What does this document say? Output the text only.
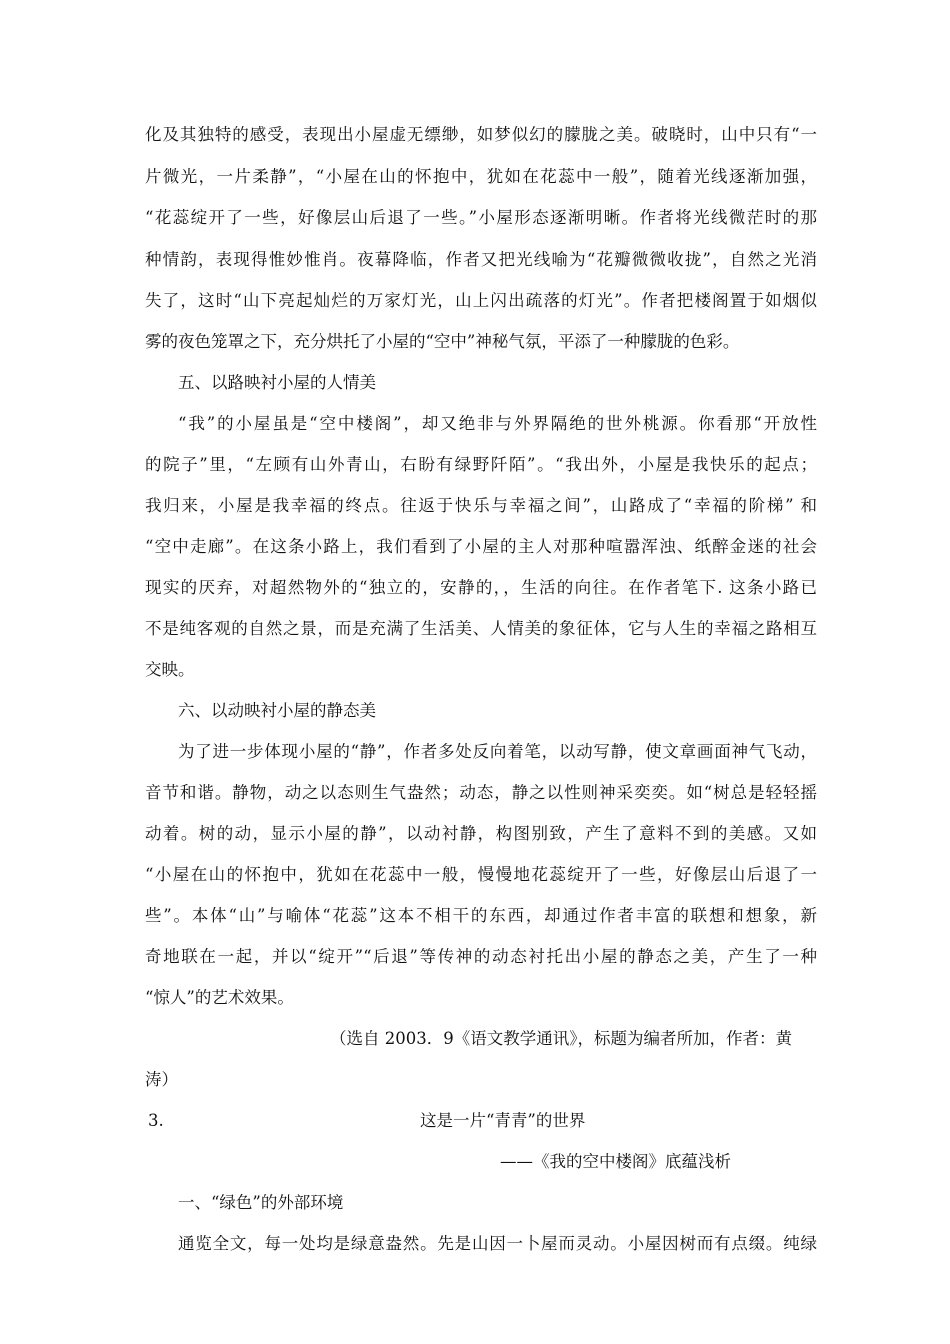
化及其独特的感受，表现出小屋虚无缥缈，如梦似幻的朦胧之美。破晓时，山中只有“一
片微光，一片柔静”，“小屋在山的怀抱中，犹如在花蕊中一般”，随着光线逐渐加强，
“花蕊绽开了一些，好像层山后退了一些。”小屋形态逐渐明晰。作者将光线微茫时的那
种情韵，表现得惟妙惟肖。夜幕降临，作者又把光线喻为“花瓣微微收拢”，自然之光消
失了，这时“山下亮起灿烂的万家灯光，山上闪出疏落的灯光”。作者把楼阁置于如烟似
雾的夜色笼罩之下，充分烘托了小屋的“空中”神秘气氛，平添了一种朦胧的色彩。
五、以路映衬小屋的人情美
“我”的小屋虽是“空中楼阁”，却又绝非与外界隔绝的世外桃源。你看那“开放性
的院子”里，“左顾有山外青山，右盼有绿野阡陌”。“我出外，小屋是我快乐的起点；
我归来，小屋是我幸福的终点。往返于快乐与幸福之间”，山路成了“幸福的阶梯” 和
“空中走廊”。在这条小路上，我们看到了小屋的主人对那种喧嚣浑浊、纸醉金迷的社会
现实的厌弃，对超然物外的“独立的，安静的，，生活的向往。在作者笔下. 这条小路已
不是纯客观的自然之景，而是充满了生活美、人情美的象征体，它与人生的幸福之路相互
交映。
六、以动映衬小屋的静态美
为了进一步体现小屋的“静”，作者多处反向着笔，以动写静，使文章画面神气飞动，
音节和谐。静物，动之以态则生气盎然；动态，静之以性则神采奕奕。如“树总是轻轻摇
动着。树的动，显示小屋的静”，以动衬静，构图别致，产生了意料不到的美感。又如
“小屋在山的怀抱中，犹如在花蕊中一般，慢慢地花蕊绽开了一些，好像层山后退了一
些”。本体“山”与喻体“花蕊”这本不相干的东西，却通过作者丰富的联想和想象，新
奇地联在一起，并以“绽开”“后退”等传神的动态衬托出小屋的静态之美，产生了一种
“惊人”的艺术效果。
（选自 2003．9《语文教学通讯》，标题为编者所加，作者：黄
涛）
3.	这是一片“青青”的世界
——《我的空中楼阁》底蕴浅析
一、“绿色”的外部环境
通览全文，每一处均是绿意盎然。先是山因一卜屋而灵动。小屋因树而有点缀。纯绿
